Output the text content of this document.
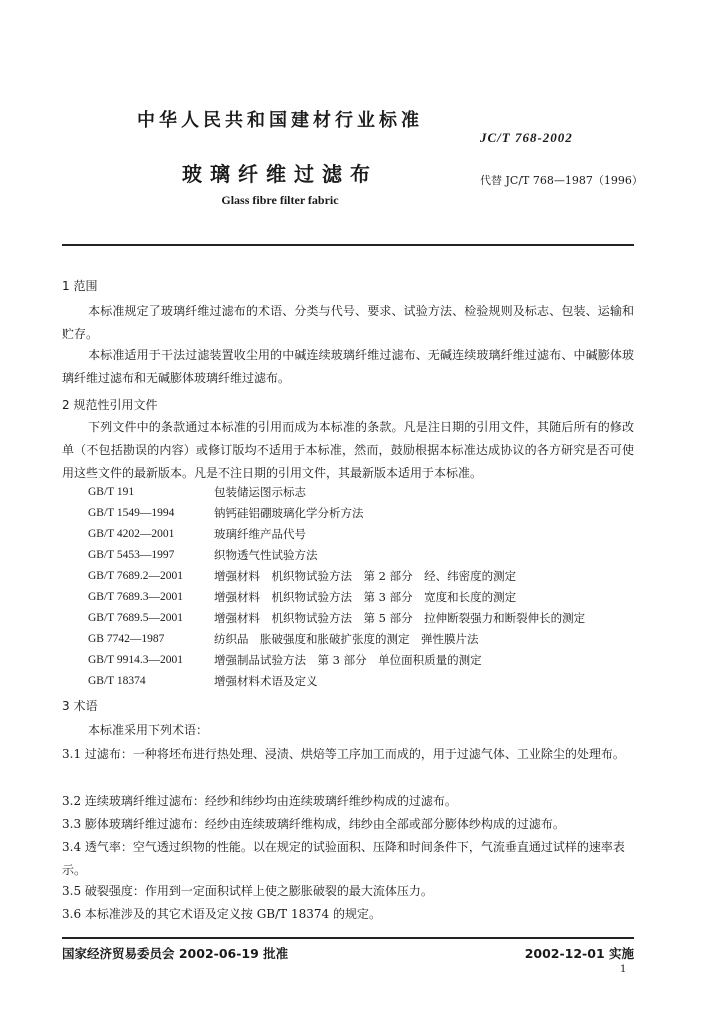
中华人民共和国建材行业标准
JC/T 768-2002
玻璃纤维过滤布	代替 JC/T 768—1987（1996）
Glass fibre filter fabric
1 范围
本标准规定了玻璃纤维过滤布的术语、分类与代号、要求、试验方法、检验规则及标志、包装、运输和贮存。
本标准适用于干法过滤装置收尘用的中碱连续玻璃纤维过滤布、无碱连续玻璃纤维过滤布、中碱膨体玻璃纤维过滤布和无碱膨体玻璃纤维过滤布。
2 规范性引用文件
下列文件中的条款通过本标准的引用而成为本标准的条款。凡是注日期的引用文件，其随后所有的修改单（不包括勘误的内容）或修订版均不适用于本标准，然而，鼓励根据本标准达成协议的各方研究是否可使用这些文件的最新版本。凡是不注日期的引用文件，其最新版本适用于本标准。
GB/T 191	包装储运图示标志
GB/T 1549—1994	钠钙硅铝硼玻璃化学分析方法
GB/T 4202—2001	玻璃纤维产品代号
GB/T 5453—1997	织物透气性试验方法
GB/T 7689.2—2001	增强材料　机织物试验方法　第 2 部分　经、纬密度的测定
GB/T 7689.3—2001	增强材料　机织物试验方法　第 3 部分　宽度和长度的测定
GB/T 7689.5—2001	增强材料　机织物试验方法　第 5 部分　拉伸断裂强力和断裂伸长的测定
GB 7742—1987	纺织品　胀破强度和胀破扩张度的测定　弹性膜片法
GB/T 9914.3—2001	增强制品试验方法　第 3 部分　单位面积质量的测定
GB/T 18374	增强材料术语及定义
3 术语
本标准采用下列术语：
3.1 过滤布：一种将坯布进行热处理、浸渍、烘焙等工序加工而成的，用于过滤气体、工业除尘的处理布。
3.2 连续玻璃纤维过滤布：经纱和纬纱均由连续玻璃纤维纱构成的过滤布。
3.3 膨体玻璃纤维过滤布：经纱由连续玻璃纤维构成，纬纱由全部或部分膨体纱构成的过滤布。
3.4 透气率：空气透过织物的性能。以在规定的试验面积、压降和时间条件下，气流垂直通过试样的速率表示。
3.5 破裂强度：作用到一定面积试样上使之膨胀破裂的最大流体压力。
3.6 本标准涉及的其它术语及定义按 GB/T 18374 的规定。
国家经济贸易委员会 2002-06-19 批准	2002-12-01 实施
1
